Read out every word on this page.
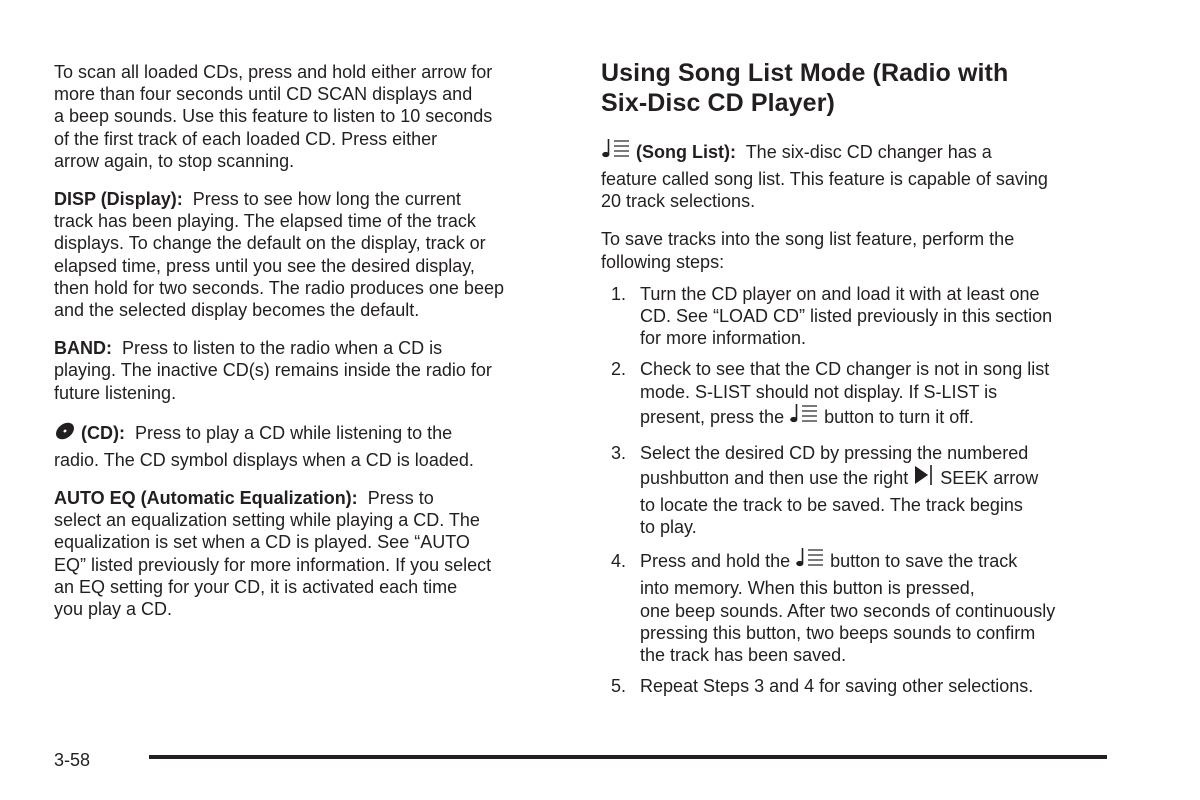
To scan all loaded CDs, press and hold either arrow for
more than four seconds until CD SCAN displays and
a beep sounds. Use this feature to listen to 10 seconds
of the first track of each loaded CD. Press either
arrow again, to stop scanning.

DISP (Display): Press to see how long the current
track has been playing. The elapsed time of the track
displays. To change the default on the display, track or
elapsed time, press until you see the desired display,
then hold for two seconds. The radio produces one beep
and the selected display becomes the default.

BAND: Press to listen to the radio when a CD is
playing. The inactive CD(s) remains inside the radio for
future listening.

(CD): Press to play a CD while listening to the
radio. The CD symbol displays when a CD is loaded.

AUTO EQ (Automatic Equalization): Press to
select an equalization setting while playing a CD. The
equalization is set when a CD is played. See “AUTO
EQ” listed previously for more information. If you select
an EQ setting for your CD, it is activated each time
you play a CD.

Using Song List Mode (Radio with
Six-Disc CD Player)

(Song List): The six-disc CD changer has a
feature called song list. This feature is capable of saving
20 track selections.

To save tracks into the song list feature, perform the
following steps:

1. Turn the CD player on and load it with at least one
CD. See “LOAD CD” listed previously in this section
for more information.
2. Check to see that the CD changer is not in song list
mode. S-LIST should not display. If S-LIST is
present, press the button to turn it off.
3. Select the desired CD by pressing the numbered
pushbutton and then use the right SEEK arrow
to locate the track to be saved. The track begins
to play.
4. Press and hold the button to save the track
into memory. When this button is pressed,
one beep sounds. After two seconds of continuously
pressing this button, two beeps sounds to confirm
the track has been saved.
5. Repeat Steps 3 and 4 for saving other selections.
3-58
